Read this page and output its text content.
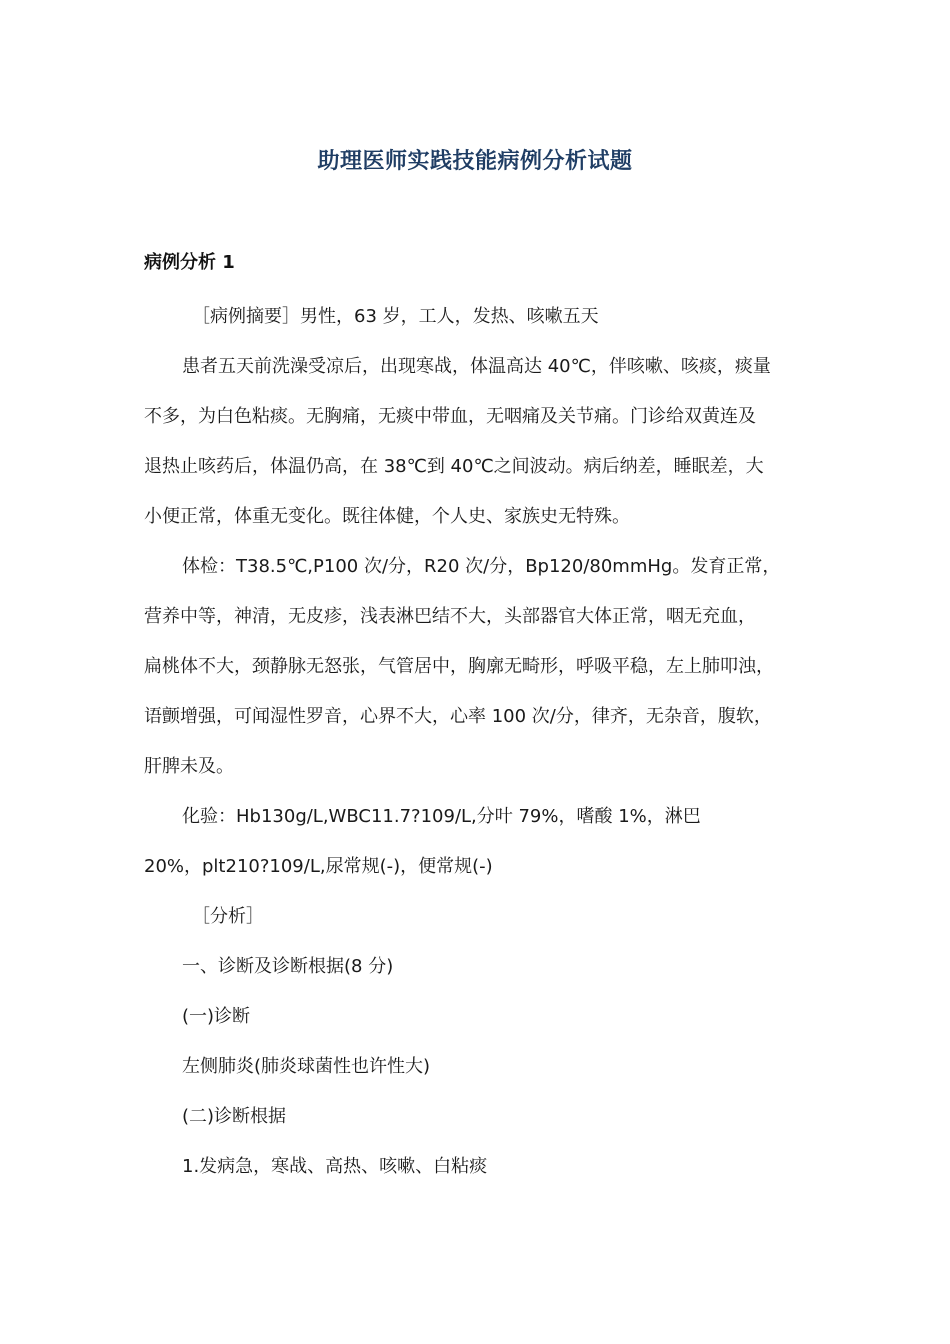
助理医师实践技能病例分析试题
病例分析 1

［病例摘要］男性，63 岁，工人，发热、咳嗽五天

患者五天前洗澡受凉后，出现寒战，体温高达 40℃，伴咳嗽、咳痰，痰量

不多，为白色粘痰。无胸痛，无痰中带血，无咽痛及关节痛。门诊给双黄连及

退热止咳药后，体温仍高，在 38℃到 40℃之间波动。病后纳差，睡眠差，大

小便正常，体重无变化。既往体健，个人史、家族史无特殊。

体检：T38.5℃,P100 次/分，R20 次/分，Bp120/80mmHg。发育正常，

营养中等，神清，无皮疹，浅表淋巴结不大，头部器官大体正常，咽无充血，

扁桃体不大，颈静脉无怒张，气管居中，胸廓无畸形，呼吸平稳，左上肺叩浊，

语颤增强，可闻湿性罗音，心界不大，心率 100 次/分，律齐，无杂音，腹软，

肝脾未及。

化验：Hb130g/L,WBC11.7?109/L,分叶 79%，嗜酸 1%，淋巴

20%，plt210?109/L,尿常规(-)，便常规(-)

［分析］

一、诊断及诊断根据(8 分)

(一)诊断

左侧肺炎(肺炎球菌性也许性大)

(二)诊断根据

1.发病急，寒战、高热、咳嗽、白粘痰
